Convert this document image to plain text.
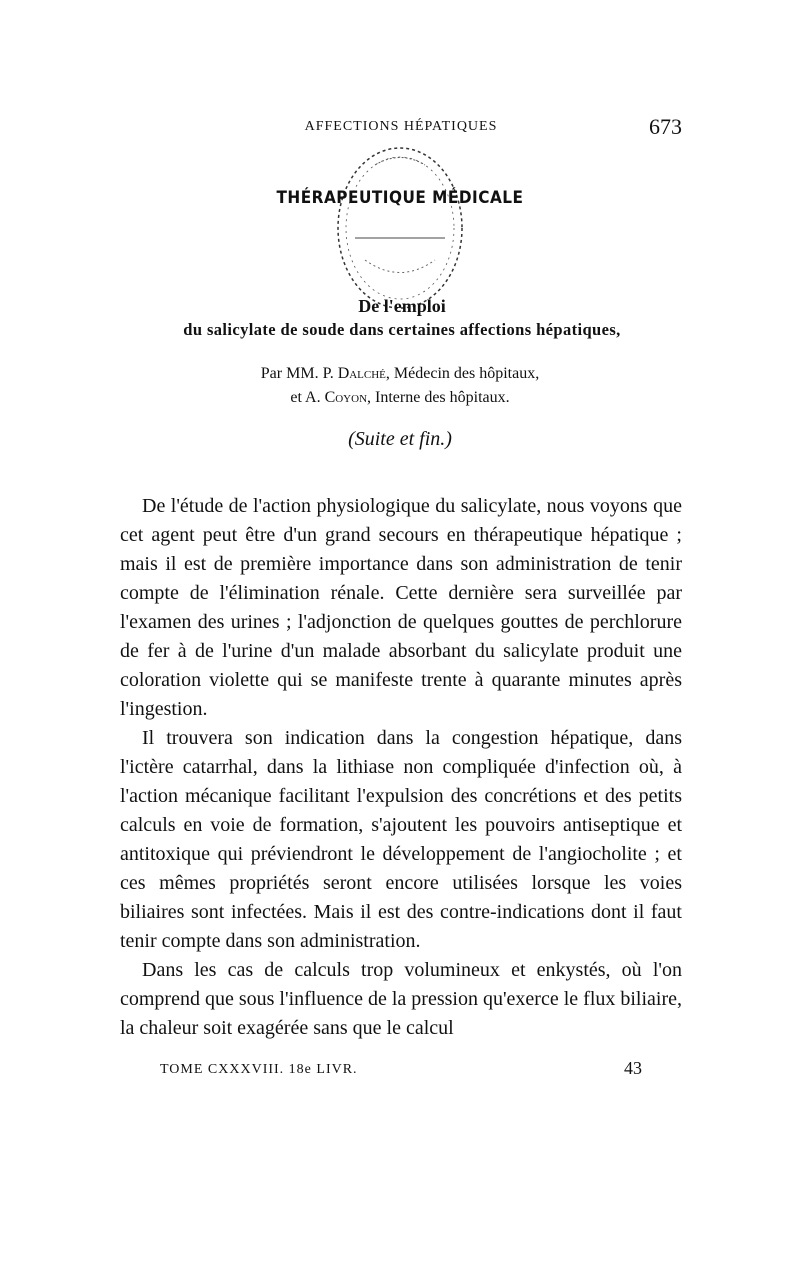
AFFECTIONS HÉPATIQUES	673
THÉRAPEUTIQUE MÉDICALE
De l'emploi
du salicylate de soude dans certaines affections hépatiques,
Par MM. P. Dalché, Médecin des hôpitaux,
et A. Coyon, Interne des hôpitaux.
(Suite et fin.)

De l'étude de l'action physiologique du salicylate, nous voyons que cet agent peut être d'un grand secours en thérapeutique hépatique ; mais il est de première importance dans son administration de tenir compte de l'élimination rénale. Cette dernière sera surveillée par l'examen des urines ; l'adjonction de quelques gouttes de perchlorure de fer à de l'urine d'un malade absorbant du salicylate produit une coloration violette qui se manifeste trente à quarante minutes après l'ingestion.

Il trouvera son indication dans la congestion hépatique, dans l'ictère catarrhal, dans la lithiase non compliquée d'infection où, à l'action mécanique facilitant l'expulsion des concrétions et des petits calculs en voie de formation, s'ajoutent les pouvoirs antiseptique et antitoxique qui préviendront le développement de l'angiocholite ; et ces mêmes propriétés seront encore utilisées lorsque les voies biliaires sont infectées. Mais il est des contre-indications dont il faut tenir compte dans son administration.

Dans les cas de calculs trop volumineux et enkystés, où l'on comprend que sous l'influence de la pression qu'exerce le flux biliaire, la chaleur soit exagérée sans que le calcul

TOME CXXXVIII. 18e LIVR.	43
